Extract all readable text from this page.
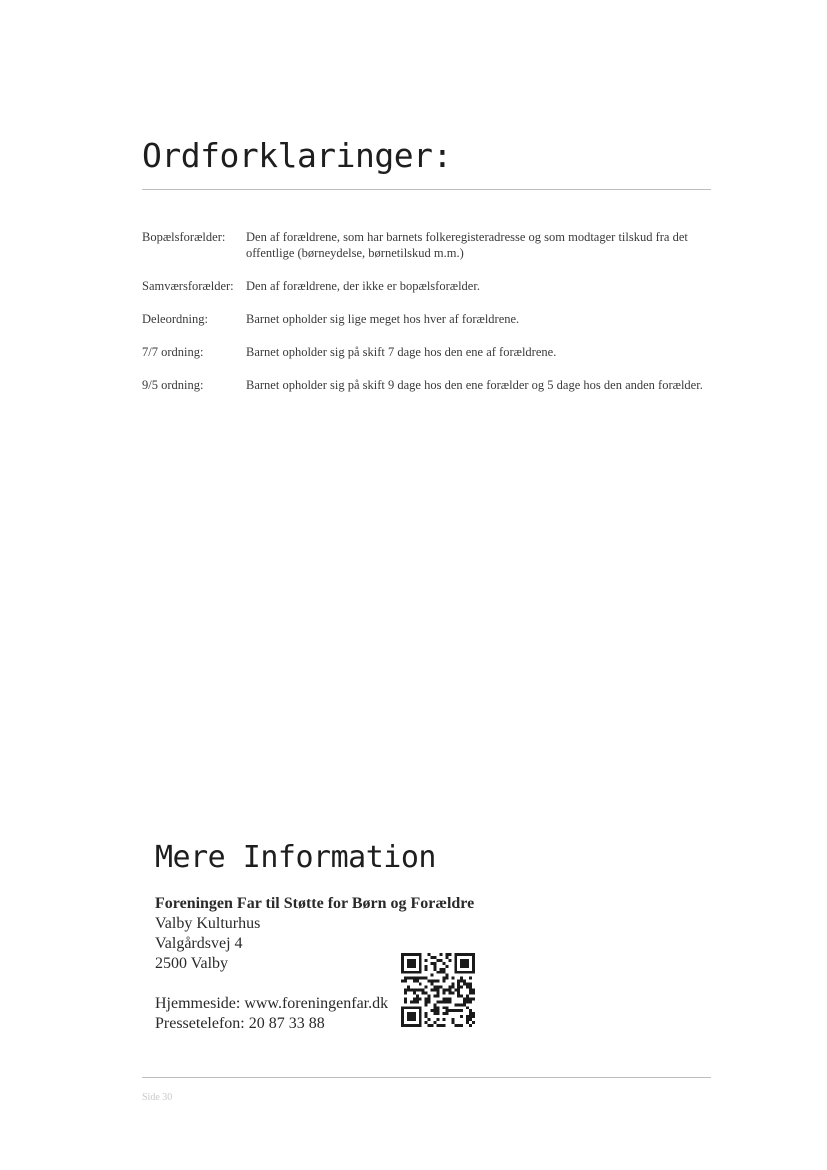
Ordforklaringer:
Bopælsforælder:	Den af forældrene, som har barnets folkeregisteradresse og som modtager tilskud fra det offentlige (børneydelse, børnetilskud m.m.)
Samværsforælder: Den af forældrene, der ikke er bopælsforælder.
Deleordning:	Barnet opholder sig lige meget hos hver af forældrene.
7/7 ordning:	Barnet opholder sig på skift 7 dage hos den ene af forældrene.
9/5 ordning:	Barnet opholder sig på skift 9 dage hos den ene forælder og 5 dage hos den anden forælder.
Mere Information
Foreningen Far til Støtte for Børn og Forældre
Valby Kulturhus
Valgårdsvej 4
2500 Valby
Hjemmeside: www.foreningenfar.dk
Pressetelefon: 20 87 33 88
Side 30
